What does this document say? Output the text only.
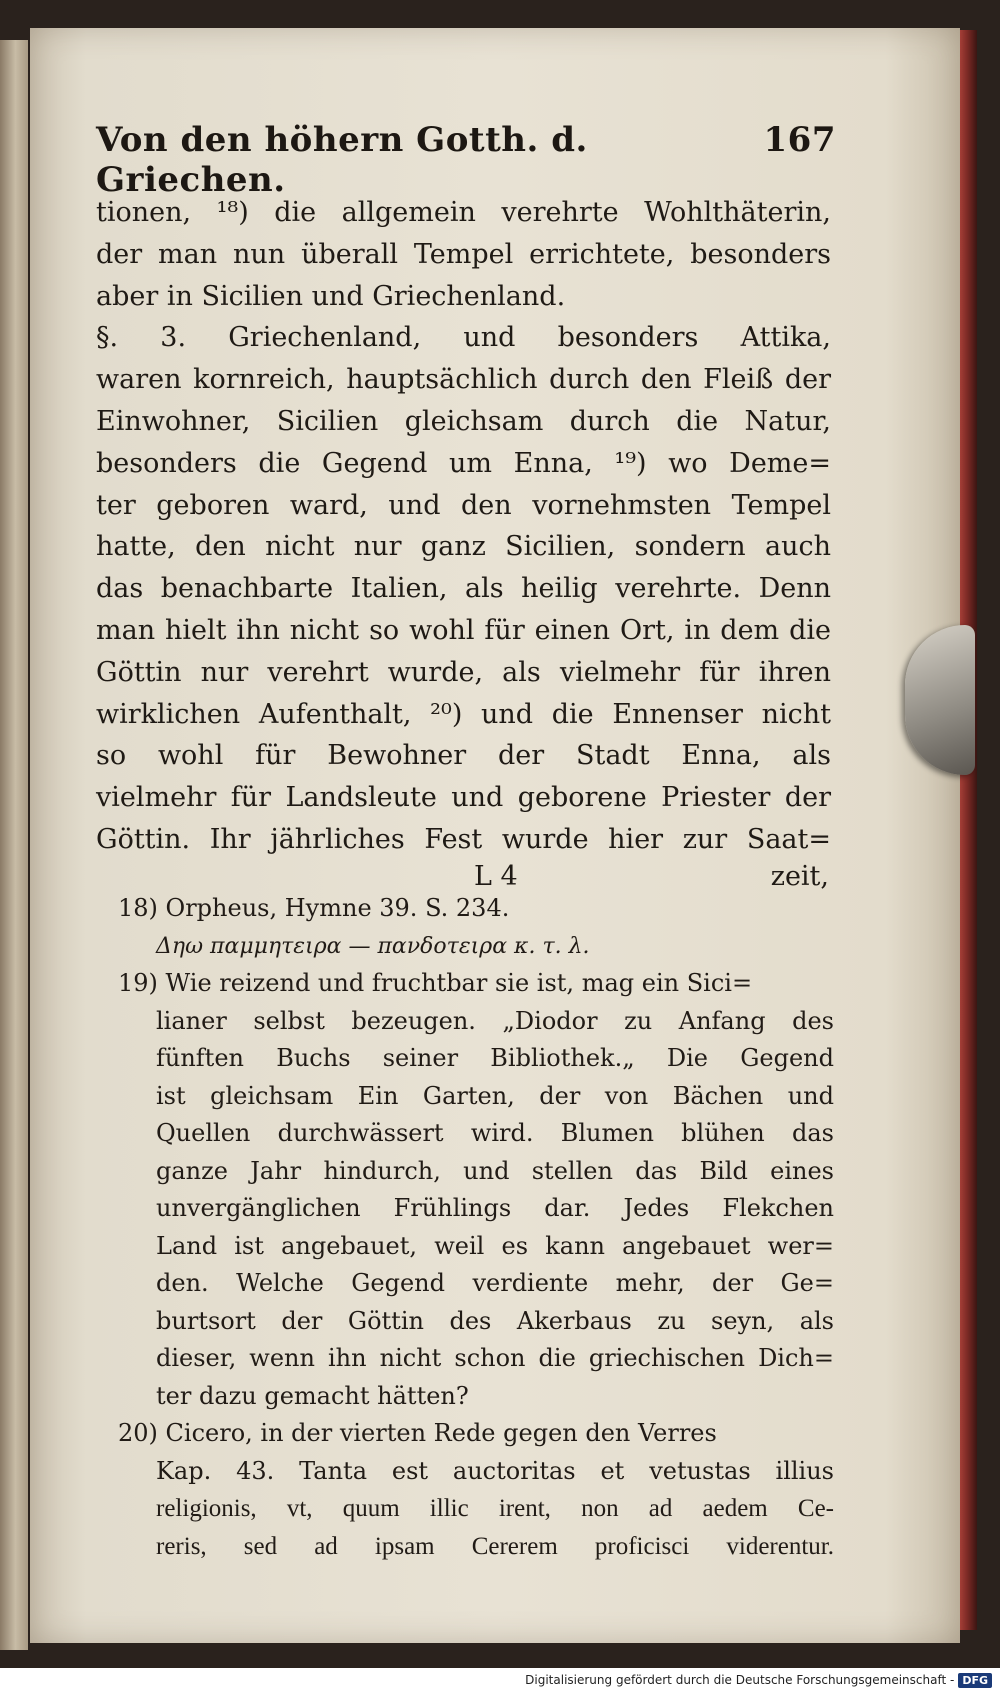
Von den höhern Gotth. d. Griechen.
167
tionen, ¹⁸) die allgemein verehrte Wohlthäterin,
der man nun überall Tempel errichtete, besonders
aber in Sicilien und Griechenland.
§. 3. Griechenland, und besonders Attika,
waren kornreich, hauptsächlich durch den Fleiß der
Einwohner, Sicilien gleichsam durch die Natur,
besonders die Gegend um Enna, ¹⁹) wo Deme=
ter geboren ward, und den vornehmsten Tempel
hatte, den nicht nur ganz Sicilien, sondern auch
das benachbarte Italien, als heilig verehrte. Denn
man hielt ihn nicht so wohl für einen Ort, in dem die
Göttin nur verehrt wurde, als vielmehr für ihren
wirklichen Aufenthalt, ²⁰) und die Ennenser nicht
so wohl für Bewohner der Stadt Enna, als
vielmehr für Landsleute und geborene Priester der
Göttin. Ihr jährliches Fest wurde hier zur Saat=
L 4	zeit,
18) Orpheus, Hymne 39. S. 234.
Δηω παμμητειρα — πανδοτειρα κ. τ. λ.
19) Wie reizend und fruchtbar sie ist, mag ein Sici=
lianer selbst bezeugen. „Diodor zu Anfang des
fünften Buchs seiner Bibliothek.„ Die Gegend
ist gleichsam Ein Garten, der von Bächen und
Quellen durchwässert wird. Blumen blühen das
ganze Jahr hindurch, und stellen das Bild eines
unvergänglichen Frühlings dar. Jedes Flekchen
Land ist angebauet, weil es kann angebauet wer=
den. Welche Gegend verdiente mehr, der Ge=
burtsort der Göttin des Akerbaus zu seyn, als
dieser, wenn ihn nicht schon die griechischen Dich=
ter dazu gemacht hätten?
20) Cicero, in der vierten Rede gegen den Verres
Kap. 43. Tanta est auctoritas et vetustas illius
religionis, vt, quum illic irent, non ad aedem Ce-
reris, sed ad ipsam Cererem proficisci viderentur.
Digitalisierung gefördert durch die Deutsche Forschungsgemeinschaft - DFG
